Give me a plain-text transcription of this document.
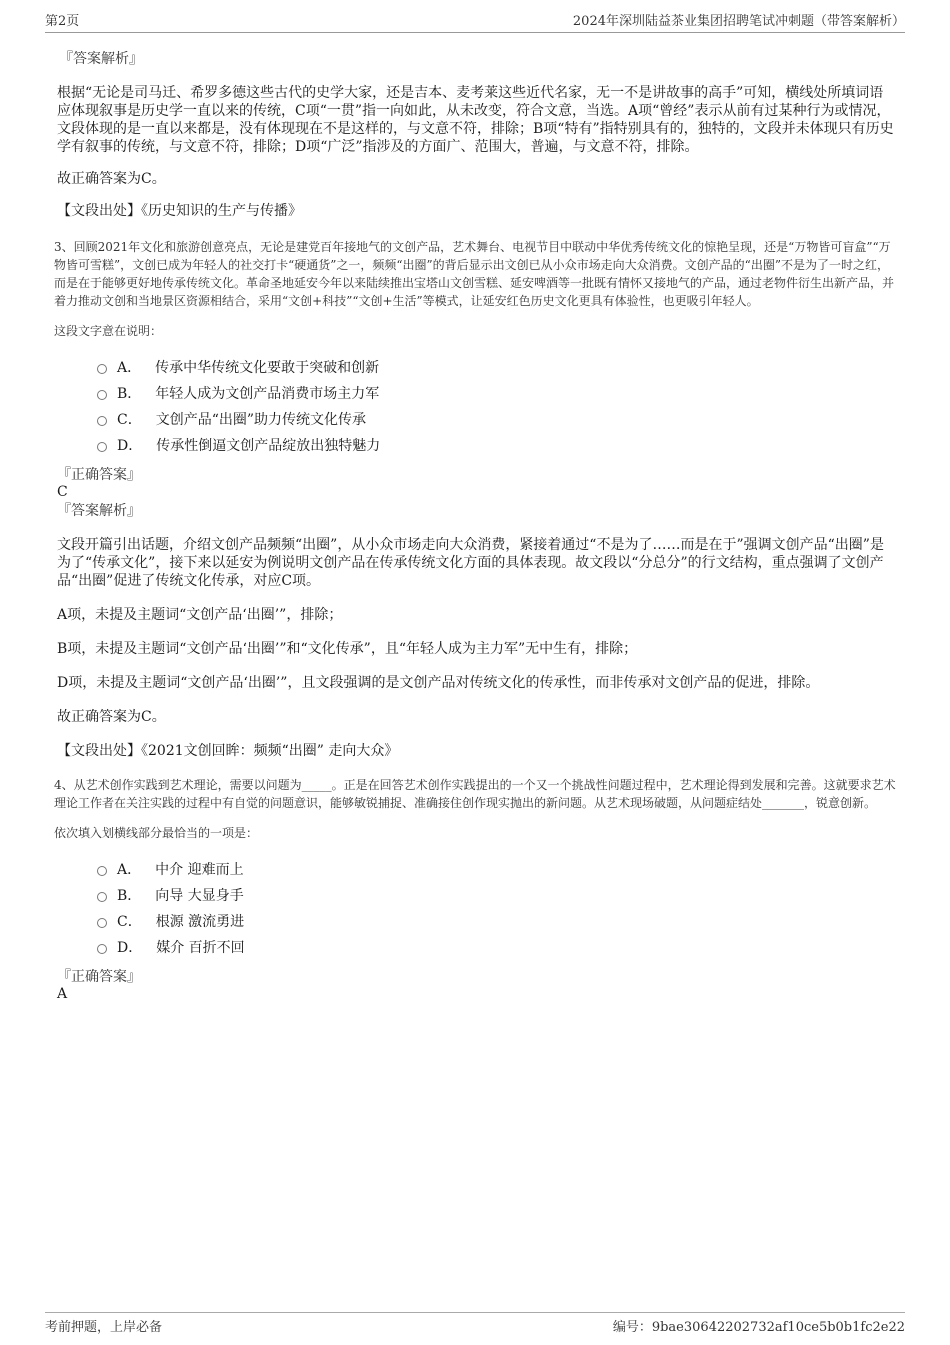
第2页	2024年深圳陆益茶业集团招聘笔试冲刺题（带答案解析）
『答案解析』

根据“无论是司马迁、希罗多德这些古代的史学大家，还是吉本、麦考莱这些近代名家，无一不是讲故事的高手”可知，横线处所填词语应体现叙事是历史学一直以来的传统，C项“一贯”指一向如此，从未改变，符合文意，当选。A项“曾经”表示从前有过某种行为或情况，文段体现的是一直以来都是，没有体现现在不是这样的，与文意不符，排除；B项“特有”指特别具有的，独特的，文段并未体现只有历史学有叙事的传统，与文意不符，排除；D项“广泛”指涉及的方面广、范围大，普遍，与文意不符，排除。

故正确答案为C。

【文段出处】《历史知识的生产与传播》

3、回顾2021年文化和旅游创意亮点，无论是建党百年接地气的文创产品，艺术舞台、电视节目中联动中华优秀传统文化的惊艳呈现，还是“万物皆可盲盒”“万物皆可雪糕”，文创已成为年轻人的社交打卡“硬通货”之一，频频“出圈”的背后显示出文创已从小众市场走向大众消费。文创产品的“出圈”不是为了一时之红，而是在于能够更好地传承传统文化。革命圣地延安今年以来陆续推出宝塔山文创雪糕、延安啤酒等一批既有情怀又接地气的产品，通过老物件衍生出新产品，并着力推动文创和当地景区资源相结合，采用“文创+科技”“文创+生活”等模式，让延安红色历史文化更具有体验性，也更吸引年轻人。

这段文字意在说明：

A． 传承中华传统文化要敢于突破和创新
B． 年轻人成为文创产品消费市场主力军
C． 文创产品“出圈”助力传统文化传承
D． 传承性倒逼文创产品绽放出独特魅力
『正确答案』
C
『答案解析』

文段开篇引出话题，介绍文创产品频频“出圈”，从小众市场走向大众消费，紧接着通过“不是为了……而是在于”强调文创产品“出圈”是为了“传承文化”，接下来以延安为例说明文创产品在传承传统文化方面的具体表现。故文段以“分总分”的行文结构，重点强调了文创产品“出圈”促进了传统文化传承，对应C项。

A项，未提及主题词“文创产品‘出圈’”，排除；

B项，未提及主题词“文创产品‘出圈’”和“文化传承”，且“年轻人成为主力军”无中生有，排除；

D项，未提及主题词“文创产品‘出圈’”，且文段强调的是文创产品对传统文化的传承性，而非传承对文创产品的促进，排除。

故正确答案为C。

【文段出处】《2021文创回眸：频频“出圈” 走向大众》

4、从艺术创作实践到艺术理论，需要以问题为_____。正是在回答艺术创作实践提出的一个又一个挑战性问题过程中，艺术理论得到发展和完善。这就要求艺术理论工作者在关注实践的过程中有自觉的问题意识，能够敏锐捕捉、准确接住创作现实抛出的新问题。从艺术现场破题，从问题症结处_______，锐意创新。

依次填入划横线部分最恰当的一项是：

A． 中介 迎难而上
B． 向导 大显身手
C． 根源 激流勇进
D． 媒介 百折不回
『正确答案』
A
考前押题，上岸必备	编号：9bae30642202732af10ce5b0b1fc2e22
